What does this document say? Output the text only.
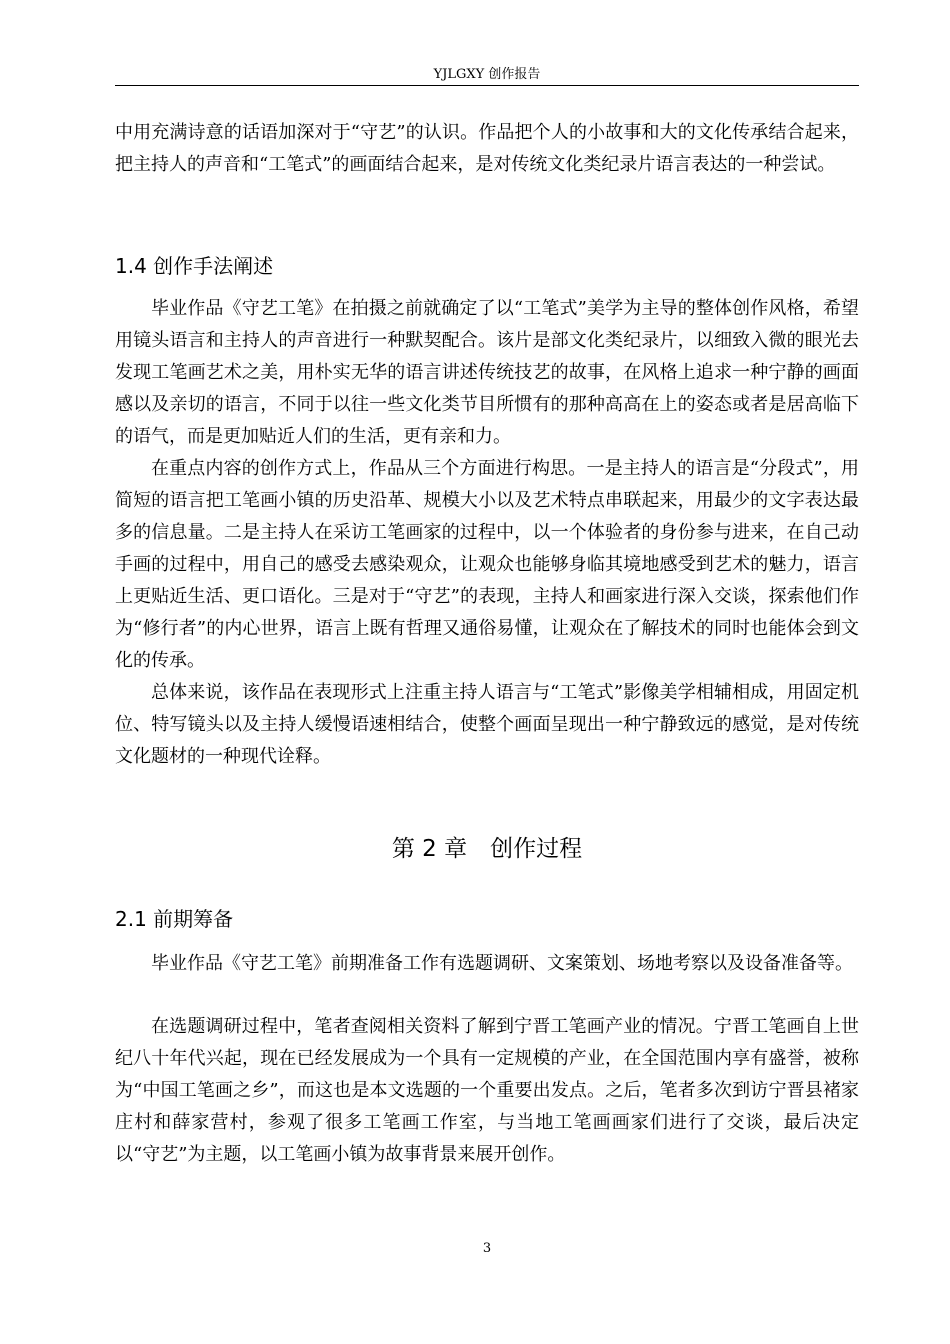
YJLGXY 创作报告
中用充满诗意的话语加深对于“守艺”的认识。作品把个人的小故事和大的文化传承结合起来，把主持人的声音和“工笔式”的画面结合起来，是对传统文化类纪录片语言表达的一种尝试。
1.4 创作手法阐述
毕业作品《守艺工笔》在拍摄之前就确定了以“工笔式”美学为主导的整体创作风格，希望用镜头语言和主持人的声音进行一种默契配合。该片是部文化类纪录片，以细致入微的眼光去发现工笔画艺术之美，用朴实无华的语言讲述传统技艺的故事，在风格上追求一种宁静的画面感以及亲切的语言，不同于以往一些文化类节目所惯有的那种高高在上的姿态或者是居高临下的语气，而是更加贴近人们的生活，更有亲和力。
在重点内容的创作方式上，作品从三个方面进行构思。一是主持人的语言是“分段式”，用简短的语言把工笔画小镇的历史沿革、规模大小以及艺术特点串联起来，用最少的文字表达最多的信息量。二是主持人在采访工笔画家的过程中，以一个体验者的身份参与进来，在自己动手画的过程中，用自己的感受去感染观众，让观众也能够身临其境地感受到艺术的魅力，语言上更贴近生活、更口语化。三是对于“守艺”的表现，主持人和画家进行深入交谈，探索他们作为“修行者”的内心世界，语言上既有哲理又通俗易懂，让观众在了解技术的同时也能体会到文化的传承。
总体来说，该作品在表现形式上注重主持人语言与“工笔式”影像美学相辅相成，用固定机位、特写镜头以及主持人缓慢语速相结合，使整个画面呈现出一种宁静致远的感觉，是对传统文化题材的一种现代诠释。
第 2 章　创作过程
2.1 前期筹备
毕业作品《守艺工笔》前期准备工作有选题调研、文案策划、场地考察以及设备准备等。
在选题调研过程中，笔者查阅相关资料了解到宁晋工笔画产业的情况。宁晋工笔画自上世纪八十年代兴起，现在已经发展成为一个具有一定规模的产业，在全国范围内享有盛誉，被称为“中国工笔画之乡”，而这也是本文选题的一个重要出发点。之后，笔者多次到访宁晋县褚家庄村和薛家营村，参观了很多工笔画工作室，与当地工笔画画家们进行了交谈，最后决定以“守艺”为主题，以工笔画小镇为故事背景来展开创作。
3
